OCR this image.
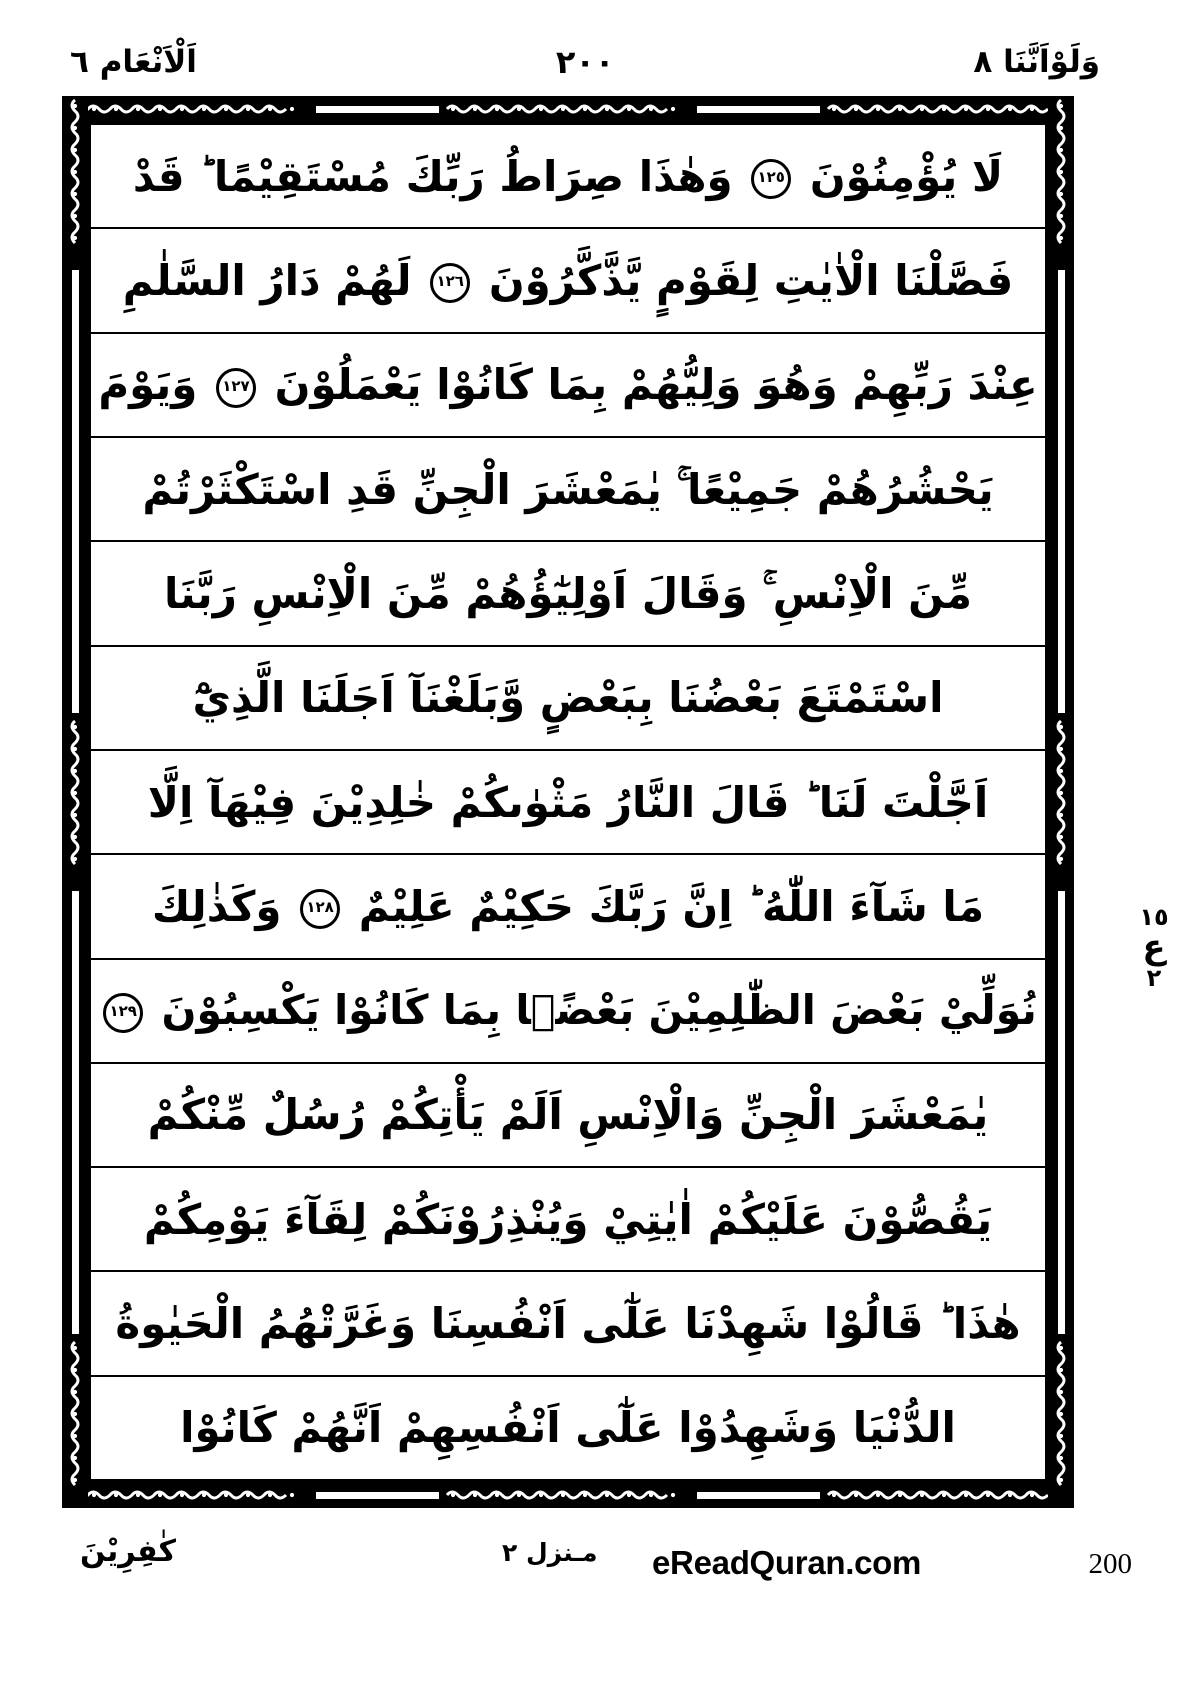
وَلَوْاَنَّنَا ٨
٢٠٠
اَلْاَنْعَام ٦
لَا يُؤْمِنُوْنَ ١٢٥ وَهٰذَا صِرَاطُ رَبِّكَ مُسْتَقِيْمًا ؕ قَدْ
فَصَّلْنَا الْاٰيٰتِ لِقَوْمٍ يَّذَّكَّرُوْنَ ١٢٦ لَهُمْ دَارُ السَّلٰمِ
عِنْدَ رَبِّهِمْ وَهُوَ وَلِيُّهُمْ بِمَا كَانُوْا يَعْمَلُوْنَ ١٢٧ وَيَوْمَ
يَحْشُرُهُمْ جَمِيْعًا ۚ يٰمَعْشَرَ الْجِنِّ قَدِ اسْتَكْثَرْتُمْ
مِّنَ الْاِنْسِ ۚ وَقَالَ اَوْلِيٰٓؤُهُمْ مِّنَ الْاِنْسِ رَبَّنَا
اسْتَمْتَعَ بَعْضُنَا بِبَعْضٍ وَّبَلَغْنَآ اَجَلَنَا الَّذِيْٓ
اَجَّلْتَ لَنَا ؕ قَالَ النَّارُ مَثْوٰىكُمْ خٰلِدِيْنَ فِيْهَآ اِلَّا
مَا شَآءَ اللّٰهُ ؕ اِنَّ رَبَّكَ حَكِيْمٌ عَلِيْمٌ ١٢٨ وَكَذٰلِكَ
نُوَلِّيْ بَعْضَ الظّٰلِمِيْنَ بَعْضًۢا بِمَا كَانُوْا يَكْسِبُوْنَ ١٢٩
يٰمَعْشَرَ الْجِنِّ وَالْاِنْسِ اَلَمْ يَأْتِكُمْ رُسُلٌ مِّنْكُمْ
يَقُصُّوْنَ عَلَيْكُمْ اٰيٰتِيْ وَيُنْذِرُوْنَكُمْ لِقَآءَ يَوْمِكُمْ
هٰذَا ؕ قَالُوْا شَهِدْنَا عَلٰٓى اَنْفُسِنَا وَغَرَّتْهُمُ الْحَيٰوةُ
الدُّنْيَا وَشَهِدُوْا عَلٰٓى اَنْفُسِهِمْ اَنَّهُمْ كَانُوْا
١٥
ع
٢
كٰفِرِيْنَ	مـنزل ٢ eReadQuran.com	200
